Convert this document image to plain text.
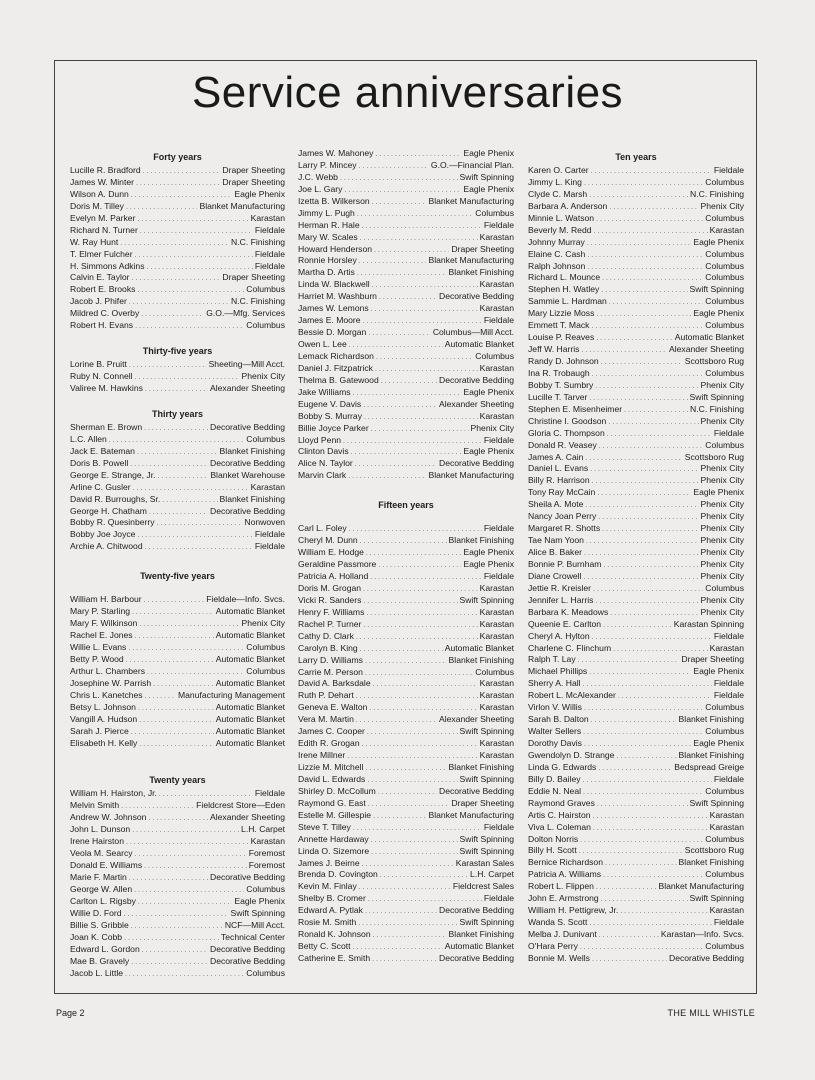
Service anniversaries
Forty years
Lucille R. Bradford . . .	Draper Sheeting
James W. Minter . . .	Draper Sheeting
Wilson A. Dunn . . .	Eagle Phenix
Doris M. Tilley . . .	Blanket Manufacturing
Evelyn M. Parker . . .	Karastan
Richard N. Turner . . .	Fieldale
W. Ray Hunt . . .	N.C. Finishing
T. Elmer Fulcher . . .	Fieldale
H. Simmons Adkins . . .	Fieldale
Calvin E. Taylor . . .	Draper Sheeting
Robert E. Brooks . . .	Columbus
Jacob J. Phifer . . .	N.C. Finishing
Mildred C. Overby . . .	G.O.—Mfg. Services
Robert H. Evans . . .	Columbus
Thirty-five years
Lorine B. Pruitt . . .	Sheeting—Mill Acct.
Ruby N. Connell . . .	Phenix City
Valiree M. Hawkins . . .	Alexander Sheeting
Thirty years
Sherman E. Brown . . .	Decorative Bedding
L.C. Allen . . .	Columbus
Jack E. Bateman . . .	Blanket Finishing
Doris B. Powell . . .	Decorative Bedding
George E. Strange, Jr. . . .	Blanket Warehouse
Arline C. Gusler . . .	Karastan
David R. Burroughs, Sr. . . .	Blanket Finishing
George H. Chatham . . .	Decorative Bedding
Bobby R. Quesinberry . . .	Nonwoven
Bobby Joe Joyce . . .	Fieldale
Archie A. Chitwood . . .	Fieldale
Twenty-five years
William H. Barbour . . .	Fieldale—Info. Svcs.
Mary P. Starling . . .	Automatic Blanket
Mary F. Wilkinson . . .	Phenix City
Rachel E. Jones . . .	Automatic Blanket
Willie L. Evans . . .	Columbus
Betty P. Wood . . .	Automatic Blanket
Arthur L. Chambers . . .	Columbus
Josephine W. Parrish . . .	Automatic Blanket
Chris L. Kanetches . . .	Manufacturing Management
Betsy L. Johnson . . .	Automatic Blanket
Vangill A. Hudson . . .	Automatic Blanket
Sarah J. Pierce . . .	Automatic Blanket
Elisabeth H. Kelly . . .	Automatic Blanket
Twenty years
William H. Hairston, Jr. . . .	Fieldale
Melvin Smith . . .	Fieldcrest Store—Eden
Andrew W. Johnson . . .	Alexander Sheeting
John L. Dunson . . .	L.H. Carpet
Irene Hairston . . .	Karastan
Veola M. Searcy . . .	Foremost
Donald E. Williams . . .	Foremost
Marie F. Martin . . .	Decorative Bedding
George W. Allen . . .	Columbus
Carlton L. Rigsby . . .	Eagle Phenix
Willie D. Ford . . .	Swift Spinning
Billie S. Gribble . . .	NCF—Mill Acct.
Joan K. Cobb . . .	Technical Center
Edward L. Gordon . . .	Decorative Bedding
Mae B. Gravely . . .	Decorative Bedding
Jacob L. Little . . .	Columbus
James W. Mahoney . . .	Eagle Phenix
Larry P. Mincey . . .	G.O.—Financial Plan.
J.C. Webb . . .	Swift Spinning
Joe L. Gary . . .	Eagle Phenix
Izetta B. Wilkerson . . .	Blanket Manufacturing
Jimmy L. Pugh . . .	Columbus
Herman R. Hale . . .	Fieldale
Mary W. Scales . . .	Karastan
Howard Henderson . . .	Draper Sheeting
Ronnie Horsley . . .	Blanket Manufacturing
Martha D. Artis . . .	Blanket Finishing
Linda W. Blackwell . . .	Karastan
Harriet M. Washburn . . .	Decorative Bedding
James W. Lemons . . .	Karastan
James E. Moore . . .	Fieldale
Bessie D. Morgan . . .	Columbus—Mill Acct.
Owen L. Lee . . .	Automatic Blanket
Lemack Richardson . . .	Columbus
Daniel J. Fitzpatrick . . .	Karastan
Thelma B. Gatewood . . .	Decorative Bedding
Jake Williams . . .	Eagle Phenix
Eugene V. Davis . . .	Alexander Sheeting
Bobby S. Murray . . .	Karastan
Billie Joyce Parker . . .	Phenix City
Lloyd Penn . . .	Fieldale
Clinton Davis . . .	Eagle Phenix
Alice N. Taylor . . .	Decorative Bedding
Marvin Clark . . .	Blanket Manufacturing
Fifteen years
Carl L. Foley . . .	Fieldale
Cheryl M. Dunn . . .	Blanket Finishing
William E. Hodge . . .	Eagle Phenix
Geraldine Passmore . . .	Eagle Phenix
Patricia A. Holland . . .	Fieldale
Doris M. Grogan . . .	Karastan
Vicki R. Sanders . . .	Swift Spinning
Henry F. Williams . . .	Karastan
Rachel P. Turner . . .	Karastan
Cathy D. Clark . . .	Karastan
Carolyn B. King . . .	Automatic Blanket
Larry D. Williams . . .	Blanket Finishing
Carrie M. Person . . .	Columbus
David A. Barksdale . . .	Karastan
Ruth P. Dehart . . .	Karastan
Geneva E. Walton . . .	Karastan
Vera M. Martin . . .	Alexander Sheeting
James C. Cooper . . .	Swift Spinning
Edith R. Grogan . . .	Karastan
Irene Millner . . .	Karastan
Lizzie M. Mitchell . . .	Blanket Finishing
David L. Edwards . . .	Swift Spinning
Shirley D. McCollum . . .	Decorative Bedding
Raymond G. East . . .	Draper Sheeting
Estelle M. Gillespie . . .	Blanket Manufacturing
Steve T. Tilley . . .	Fieldale
Annette Hardaway . . .	Swift Spinning
Linda O. Sizemore . . .	Swift Spinning
James J. Beirne . . .	Karastan Sales
Brenda D. Covington . . .	L.H. Carpet
Kevin M. Finlay . . .	Fieldcrest Sales
Shelby B. Cromer . . .	Fieldale
Edward A. Pytlak . . .	Decorative Bedding
Rosie M. Smith . . .	Swift Spinning
Ronald K. Johnson . . .	Blanket Finishing
Betty C. Scott . . .	Automatic Blanket
Catherine E. Smith . . .	Decorative Bedding
Ten years
Karen O. Carter . . .	Fieldale
Jimmy L. King . . .	Columbus
Clyde C. Marsh . . .	N.C. Finishing
Barbara A. Anderson . . .	Phenix City
Minnie L. Watson . . .	Columbus
Beverly M. Redd . . .	Karastan
Johnny Murray . . .	Eagle Phenix
Elaine C. Cash . . .	Columbus
Ralph Johnson . . .	Columbus
Richard L. Mounce . . .	Columbus
Stephen H. Watley . . .	Swift Spinning
Sammie L. Hardman . . .	Columbus
Mary Lizzie Moss . . .	Eagle Phenix
Emmett T. Mack . . .	Columbus
Louise P. Reaves . . .	Automatic Blanket
Jeff W. Harris . . .	Alexander Sheeting
Randy D. Johnson . . .	Scottsboro Rug
Ina R. Trobaugh . . .	Columbus
Bobby T. Sumbry . . .	Phenix City
Lucille T. Tarver . . .	Swift Spinning
Stephen E. Misenheimer . . .	N.C. Finishing
Christine I. Goodson . . .	Phenix City
Gloria C. Thompson . . .	Fieldale
Donald R. Veasey . . .	Columbus
James A. Cain . . .	Scottsboro Rug
Daniel L. Evans . . .	Phenix City
Billy R. Harrison . . .	Phenix City
Tony Ray McCain . . .	Eagle Phenix
Sheila A. Mote . . .	Phenix City
Nancy Joan Perry . . .	Phenix City
Margaret R. Shotts . . .	Phenix City
Tae Nam Yoon . . .	Phenix City
Alice B. Baker . . .	Phenix City
Bonnie P. Burnham . . .	Phenix City
Diane Crowell . . .	Phenix City
Jettie R. Kreisler . . .	Columbus
Jennifer L. Harris . . .	Phenix City
Barbara K. Meadows . . .	Phenix City
Queenie E. Carlton . . .	Karastan Spinning
Cheryl A. Hylton . . .	Fieldale
Charlene C. Flinchum . . .	Karastan
Ralph T. Lay . . .	Draper Sheeting
Michael Phillips . . .	Eagle Phenix
Sherry A. Hall . . .	Fieldale
Robert L. McAlexander . . .	Fieldale
Virlon V. Willis . . .	Columbus
Sarah B. Dalton . . .	Blanket Finishing
Walter Sellers . . .	Columbus
Dorothy Davis . . .	Eagle Phenix
Gwendolyn D. Strange . . .	Blanket Finishing
Linda G. Edwards . . .	Bedspread Greige
Billy D. Bailey . . .	Fieldale
Eddie N. Neal . . .	Columbus
Raymond Graves . . .	Swift Spinning
Artis C. Hairston . . .	Karastan
Viva L. Coleman . . .	Karastan
Dolton Norris . . .	Columbus
Billy H. Scott . . .	Scottsboro Rug
Bernice Richardson . . .	Blanket Finishing
Patricia A. Williams . . .	Columbus
Robert L. Flippen . . .	Blanket Manufacturing
John E. Armstrong . . .	Swift Spinning
William H. Pettigrew, Jr. . . .	Karastan
Wanda S. Scott . . .	Fieldale
Melba J. Dunivant . . .	Karastan—Info. Svcs.
O'Hara Perry . . .	Columbus
Bonnie M. Wells . . .	Decorative Bedding
Page 2	THE MILL WHISTLE
